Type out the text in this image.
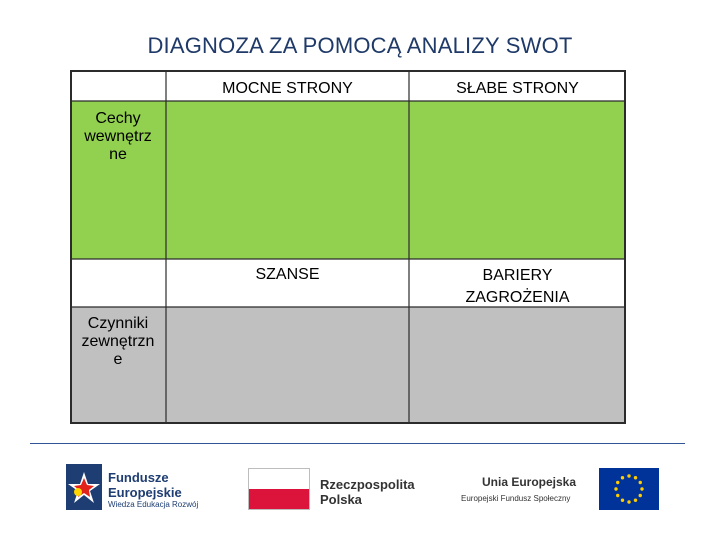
DIAGNOZA ZA POMOCĄ ANALIZY SWOT
MOCNE STRONY	SŁABE STRONY
Cechy
wewnętrz
ne
SZANSE	BARIERY
ZAGROŻENIA
Czynniki
zewnętrzn
e
Fundusze
Europejskie
Wiedza Edukacja Rozwój
Rzeczpospolita
Polska
Unia Europejska
Europejski Fundusz Społeczny
